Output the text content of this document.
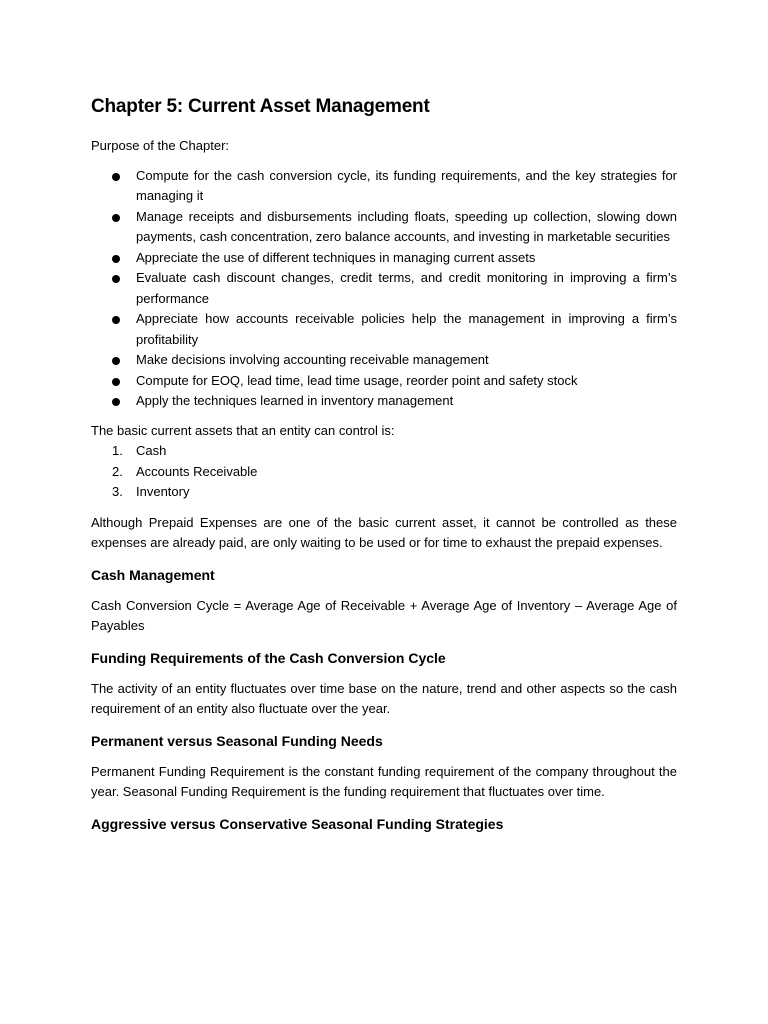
Chapter 5: Current Asset Management

Purpose of the Chapter:

Compute for the cash conversion cycle, its funding requirements, and the key strategies for managing it
Manage receipts and disbursements including floats, speeding up collection, slowing down payments, cash concentration, zero balance accounts, and investing in marketable securities
Appreciate the use of different techniques in managing current assets
Evaluate cash discount changes, credit terms, and credit monitoring in improving a firm’s performance
Appreciate how accounts receivable policies help the management in improving a firm’s profitability
Make decisions involving accounting receivable management
Compute for EOQ, lead time, lead time usage, reorder point and safety stock
Apply the techniques learned in inventory management

The basic current assets that an entity can control is:

1. Cash
2. Accounts Receivable
3. Inventory

Although Prepaid Expenses are one of the basic current asset, it cannot be controlled as these expenses are already paid, are only waiting to be used or for time to exhaust the prepaid expenses.

Cash Management

Cash Conversion Cycle = Average Age of Receivable + Average Age of Inventory – Average Age of Payables

Funding Requirements of the Cash Conversion Cycle

The activity of an entity fluctuates over time base on the nature, trend and other aspects so the cash requirement of an entity also fluctuate over the year.

Permanent versus Seasonal Funding Needs

Permanent Funding Requirement is the constant funding requirement of the company throughout the year. Seasonal Funding Requirement is the funding requirement that fluctuates over time.

Aggressive versus Conservative Seasonal Funding Strategies
